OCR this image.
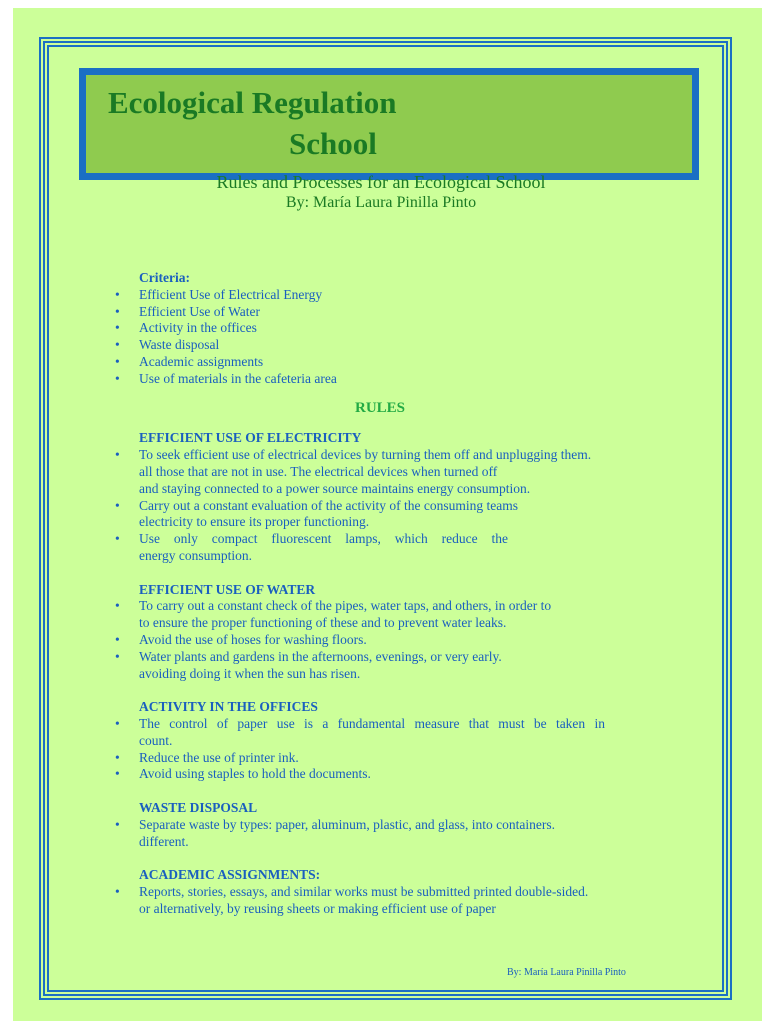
Ecological Regulation
School
Rules and Processes for an Ecological School
By: María Laura Pinilla Pinto
Criteria:
• Efficient Use of Electrical Energy
• Efficient Use of Water
• Activity in the offices
• Waste disposal
• Academic assignments
• Use of materials in the cafeteria area
RULES
EFFICIENT USE OF ELECTRICITY
• To seek efficient use of electrical devices by turning them off and unplugging them.
all those that are not in use. The electrical devices when turned off
and staying connected to a power source maintains energy consumption.
• Carry out a constant evaluation of the activity of the consuming teams
electricity to ensure its proper functioning.
• Use only compact fluorescent lamps, which reduce the
energy consumption.
EFFICIENT USE OF WATER
• To carry out a constant check of the pipes, water taps, and others, in order to
to ensure the proper functioning of these and to prevent water leaks.
• Avoid the use of hoses for washing floors.
• Water plants and gardens in the afternoons, evenings, or very early.
avoiding doing it when the sun has risen.
ACTIVITY IN THE OFFICES
• The control of paper use is a fundamental measure that must be taken in
count.
• Reduce the use of printer ink.
• Avoid using staples to hold the documents.
WASTE DISPOSAL
• Separate waste by types: paper, aluminum, plastic, and glass, into containers.
different.
ACADEMIC ASSIGNMENTS:
• Reports, stories, essays, and similar works must be submitted printed double-sided.
or alternatively, by reusing sheets or making efficient use of paper
By: María Laura Pinilla Pinto
